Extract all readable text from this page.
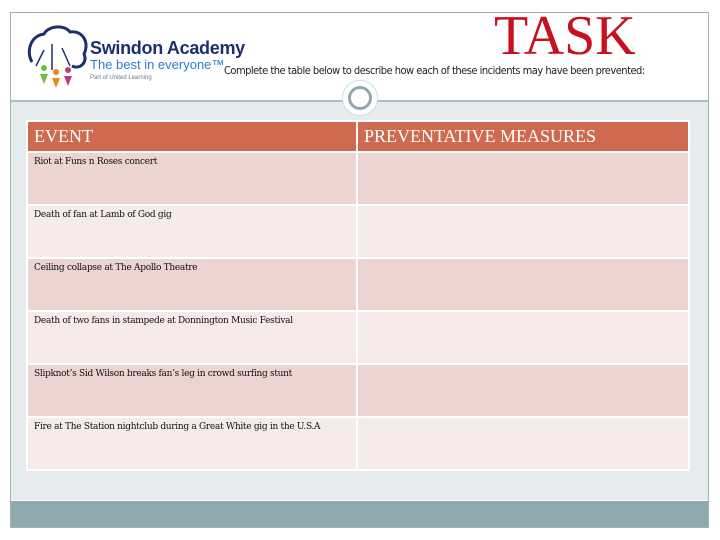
Swindon Academy
The best in everyone™
Part of United Learning
TASK
Complete the table below to describe how each of these incidents may have been prevented:
EVENT	PREVENTATIVE MEASURES

Riot at Funs n Roses concert	

Death of fan at Lamb of God gig	

Ceiling collapse at The Apollo Theatre	

Death of two fans in stampede at Donnington Music Festival	

Slipknot’s Sid Wilson breaks fan’s leg in crowd surfing stunt	

Fire at The Station nightclub during a Great White gig in the U.S.A	
